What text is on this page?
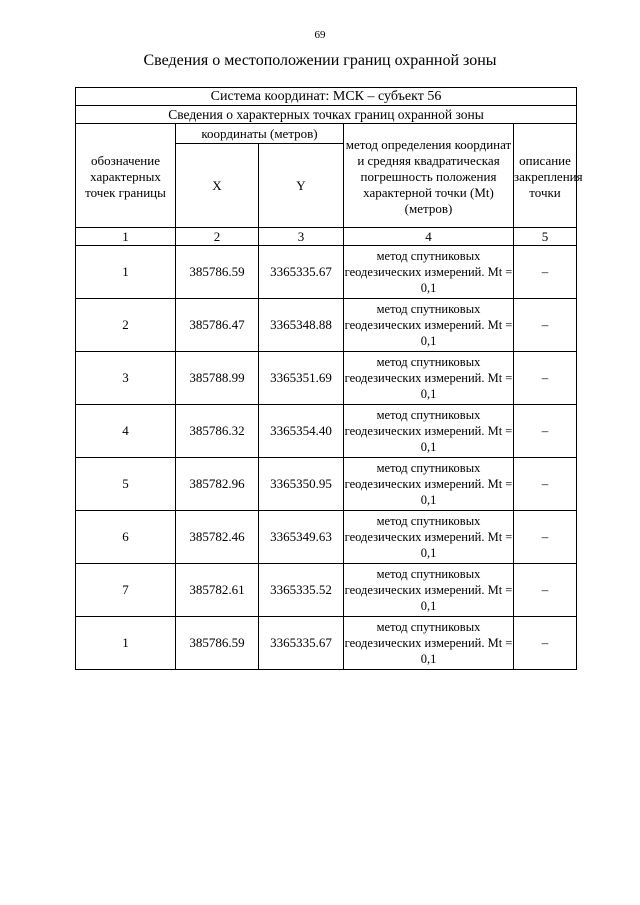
69
Сведения о местоположении границ охранной зоны
Система координат: МСК – субъект 56				
Сведения о характерных точках границ охранной зоны				
обозначение характерных точек границы	координаты (метров)		метод определения координат и средняя квадратическая погрешность положения характерной точки (Mt) (метров)	описание закрепления точки
	X	Y		
1	2	3	4	5
1	385786.59	3365335.67	метод спутниковых геодезических измерений. Mt = 0,1	–
2	385786.47	3365348.88	метод спутниковых геодезических измерений. Mt = 0,1	–
3	385788.99	3365351.69	метод спутниковых геодезических измерений. Mt = 0,1	–
4	385786.32	3365354.40	метод спутниковых геодезических измерений. Mt = 0,1	–
5	385782.96	3365350.95	метод спутниковых геодезических измерений. Mt = 0,1	–
6	385782.46	3365349.63	метод спутниковых геодезических измерений. Mt = 0,1	–
7	385782.61	3365335.52	метод спутниковых геодезических измерений. Mt = 0,1	–
1	385786.59	3365335.67	метод спутниковых геодезических измерений. Mt = 0,1	–
